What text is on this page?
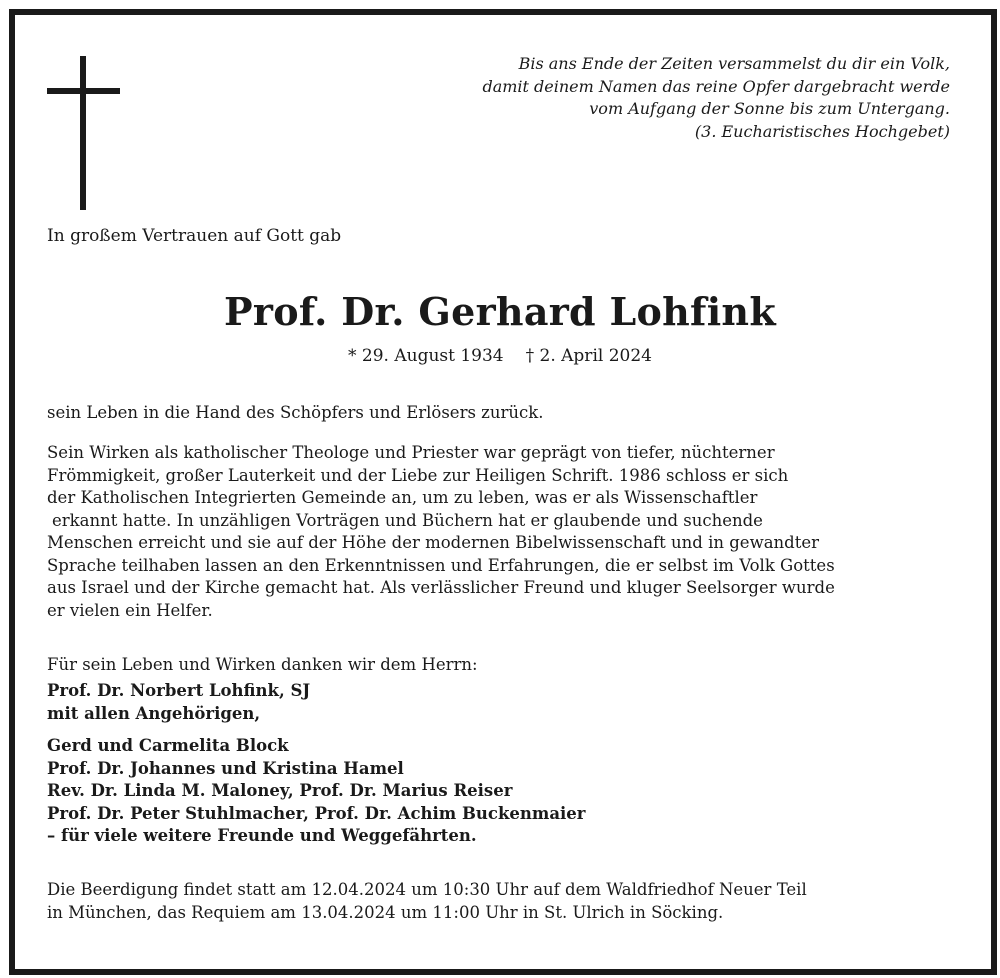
Bis ans Ende der Zeiten versammelst du dir ein Volk,
damit deinem Namen das reine Opfer dargebracht werde
vom Aufgang der Sonne bis zum Untergang.
(3. Eucharistisches Hochgebet)
In großem Vertrauen auf Gott gab
Prof. Dr. Gerhard Lohfink
* 29. August 1934 † 2. April 2024
sein Leben in die Hand des Schöpfers und Erlösers zurück.
Sein Wirken als katholischer Theologe und Priester war geprägt von tiefer, nüchterner
Frömmigkeit, großer Lauterkeit und der Liebe zur Heiligen Schrift. 1986 schloss er sich
der Katholischen Integrierten Gemeinde an, um zu leben, was er als Wissenschaftler
erkannt hatte. In unzähligen Vorträgen und Büchern hat er glaubende und suchende
Menschen erreicht und sie auf der Höhe der modernen Bibelwissenschaft und in gewandter
Sprache teilhaben lassen an den Erkenntnissen und Erfahrungen, die er selbst im Volk Gottes
aus Israel und der Kirche gemacht hat. Als verlässlicher Freund und kluger Seelsorger wurde
er vielen ein Helfer.
Für sein Leben und Wirken danken wir dem Herrn:
Prof. Dr. Norbert Lohfink, SJ
mit allen Angehörigen,
Gerd und Carmelita Block
Prof. Dr. Johannes und Kristina Hamel
Rev. Dr. Linda M. Maloney, Prof. Dr. Marius Reiser
Prof. Dr. Peter Stuhlmacher, Prof. Dr. Achim Buckenmaier
– für viele weitere Freunde und Weggefährten.
Die Beerdigung findet statt am 12.04.2024 um 10:30 Uhr auf dem Waldfriedhof Neuer Teil
in München, das Requiem am 13.04.2024 um 11:00 Uhr in St. Ulrich in Söcking.
